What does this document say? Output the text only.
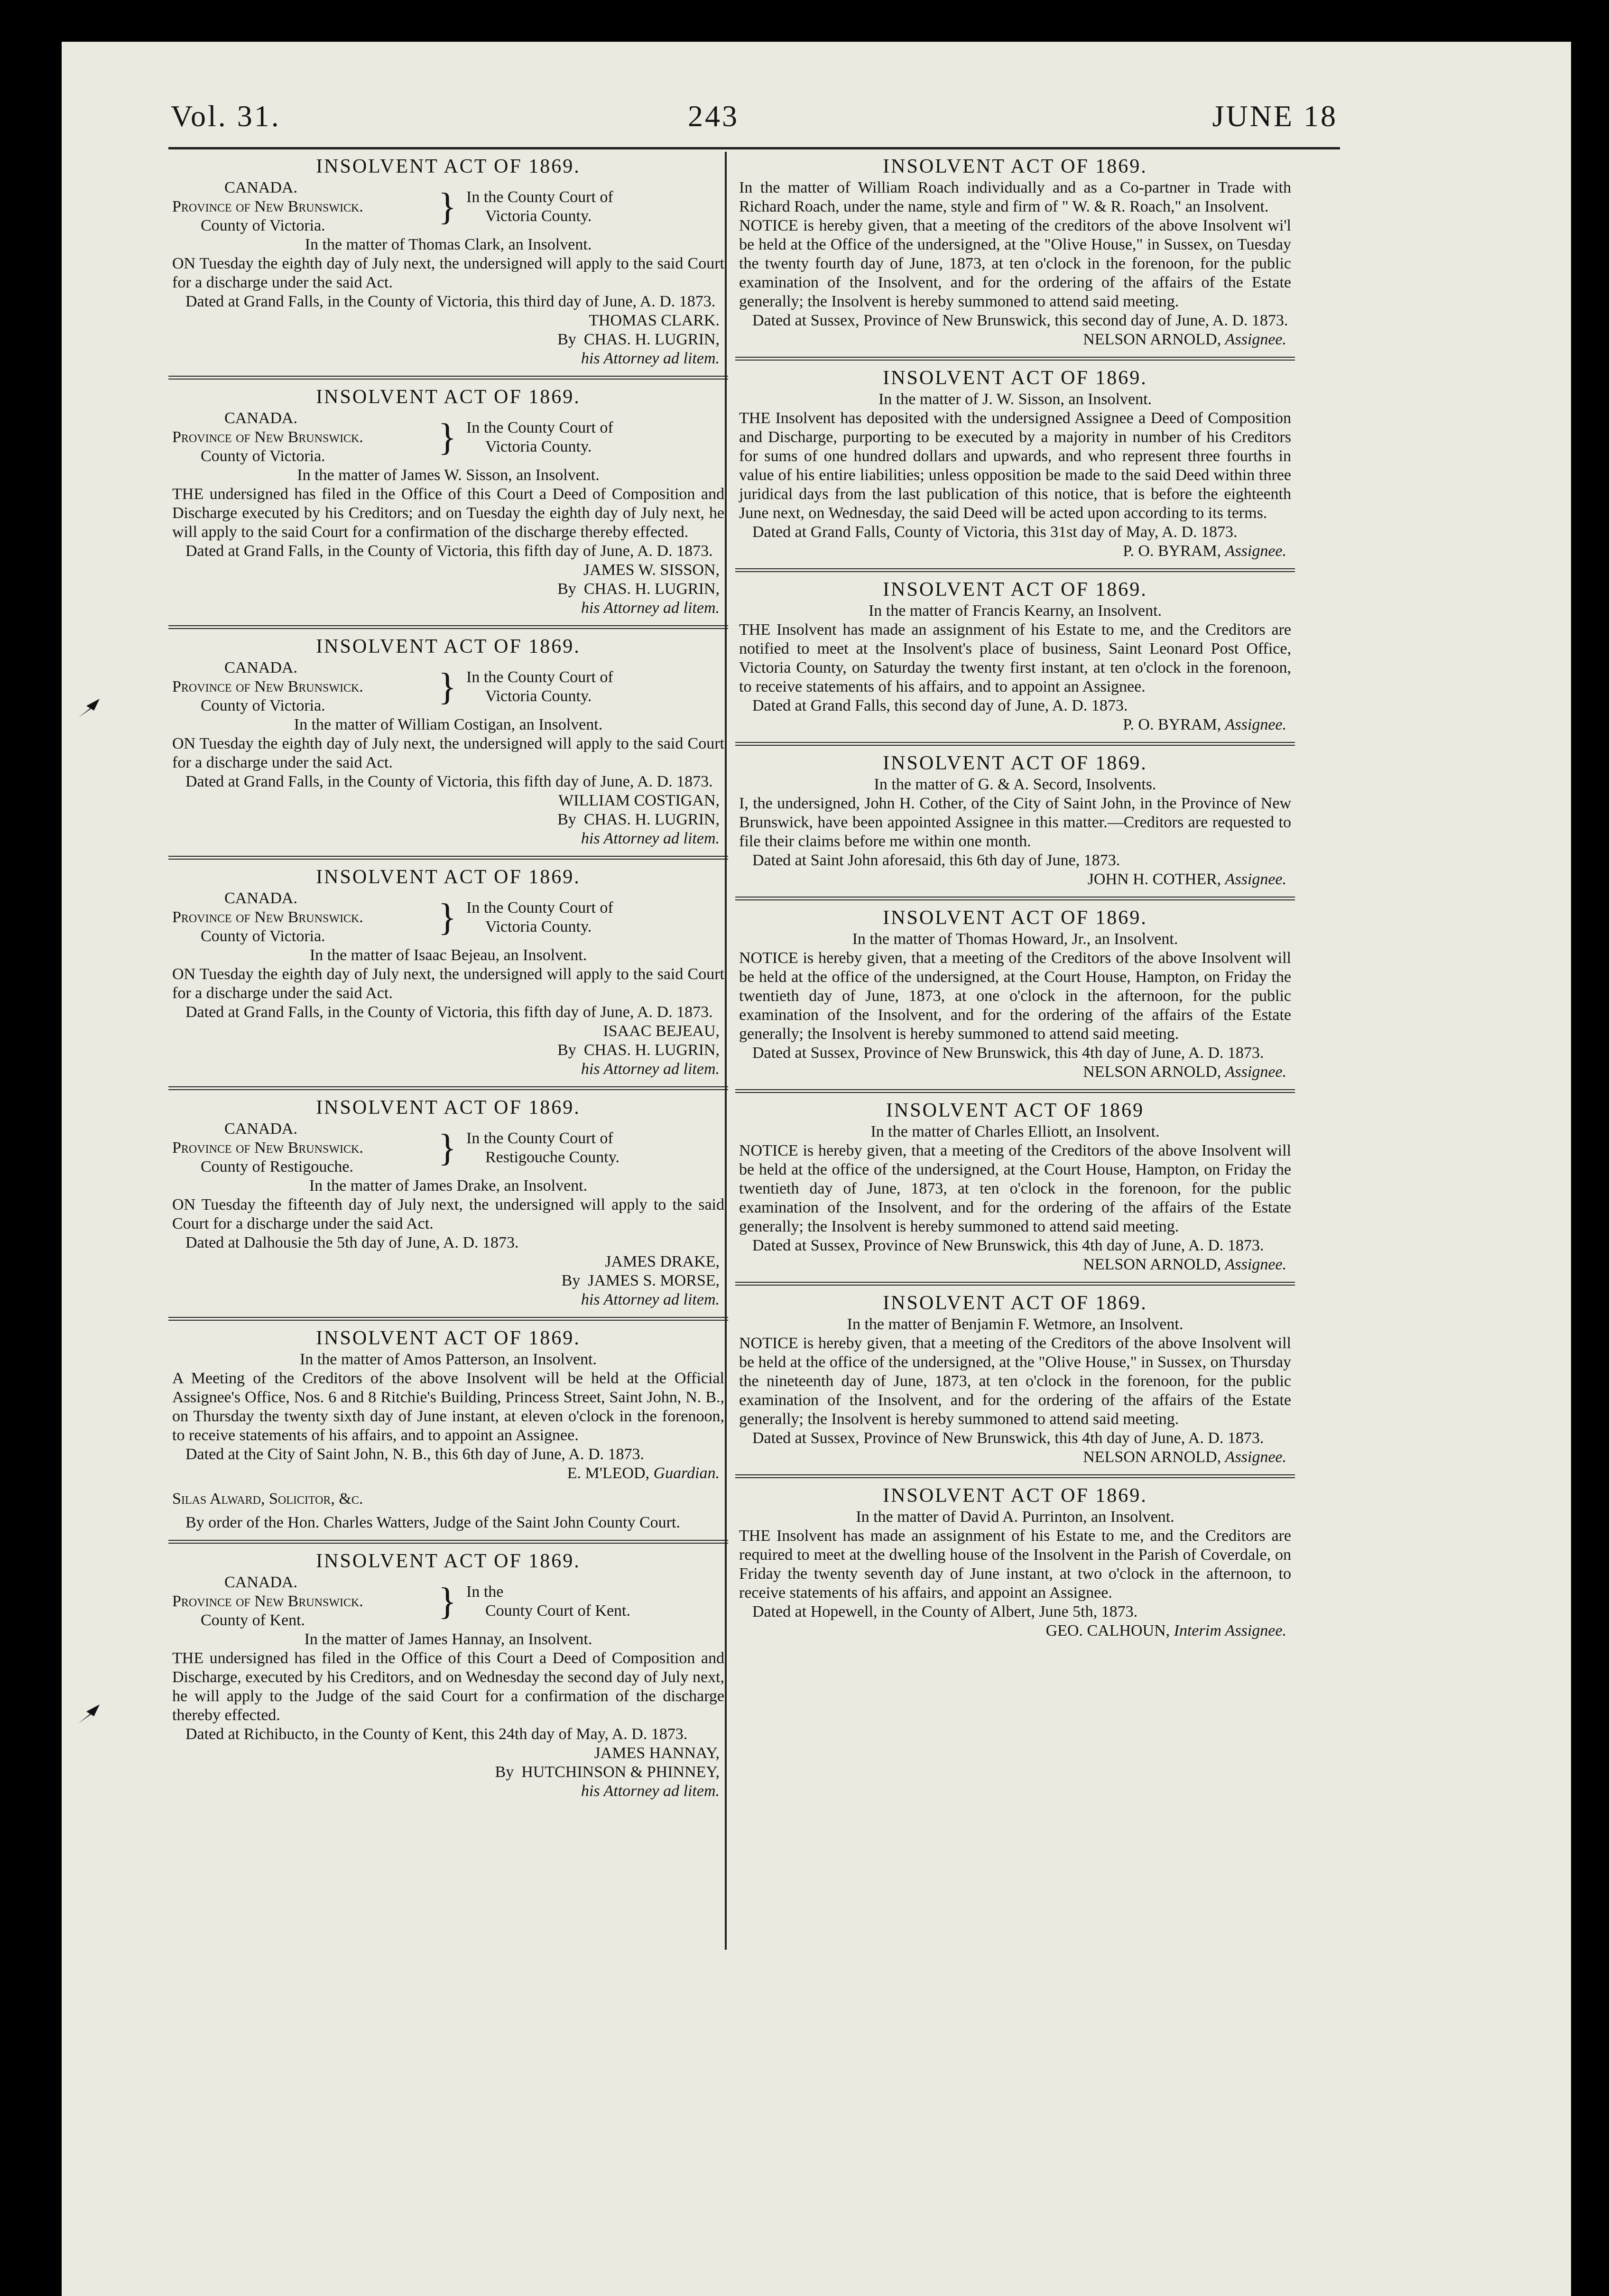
Vol. 31.	243	JUNE 18
INSOLVENT ACT OF 1869.
CANADA.
Province of New Brunswick.
County of Victoria.	} In the County Court of
Victoria County.
In the matter of Thomas Clark, an Insolvent.
ON Tuesday the eighth day of July next, the undersigned will apply to the said Court for a discharge under the said Act.
Dated at Grand Falls, in the County of Victoria, this third day of June, A. D. 1873.
THOMAS CLARK.
By CHAS. H. LUGRIN,
his Attorney ad litem.
INSOLVENT ACT OF 1869.
CANADA.
Province of New Brunswick.
County of Victoria.	} In the County Court of
Victoria County.
In the matter of James W. Sisson, an Insolvent.
THE undersigned has filed in the Office of this Court a Deed of Composition and Discharge executed by his Creditors; and on Tuesday the eighth day of July next, he will apply to the said Court for a confirmation of the discharge thereby effected.
Dated at Grand Falls, in the County of Victoria, this fifth day of June, A. D. 1873.
JAMES W. SISSON,
By CHAS. H. LUGRIN,
his Attorney ad litem.
INSOLVENT ACT OF 1869.
CANADA.
Province of New Brunswick.
County of Victoria.	} In the County Court of
Victoria County.
In the matter of William Costigan, an Insolvent.
ON Tuesday the eighth day of July next, the undersigned will apply to the said Court for a discharge under the said Act.
Dated at Grand Falls, in the County of Victoria, this fifth day of June, A. D. 1873.
WILLIAM COSTIGAN,
By CHAS. H. LUGRIN,
his Attorney ad litem.
INSOLVENT ACT OF 1869.
CANADA.
Province of New Brunswick.
County of Victoria.	} In the County Court of
Victoria County.
In the matter of Isaac Bejeau, an Insolvent.
ON Tuesday the eighth day of July next, the undersigned will apply to the said Court for a discharge under the said Act.
Dated at Grand Falls, in the County of Victoria, this fifth day of June, A. D. 1873.
ISAAC BEJEAU,
By CHAS. H. LUGRIN,
his Attorney ad litem.
INSOLVENT ACT OF 1869.
CANADA.
Province of New Brunswick.
County of Restigouche.	} In the County Court of
Restigouche County.
In the matter of James Drake, an Insolvent.
ON Tuesday the fifteenth day of July next, the undersigned will apply to the said Court for a discharge under the said Act.
Dated at Dalhousie the 5th day of June, A. D. 1873.
JAMES DRAKE,
By JAMES S. MORSE,
his Attorney ad litem.
INSOLVENT ACT OF 1869.
In the matter of Amos Patterson, an Insolvent.
A Meeting of the Creditors of the above Insolvent will be held at the Official Assignee's Office, Nos. 6 and 8 Ritchie's Building, Princess Street, Saint John, N. B., on Thursday the twenty sixth day of June instant, at eleven o'clock in the forenoon, to receive statements of his affairs, and to appoint an Assignee.
Dated at the City of Saint John, N. B., this 6th day of June, A. D. 1873.
E. M'LEOD, Guardian.
Silas Alward, Solicitor, &c.
By order of the Hon. Charles Watters, Judge of the Saint John County Court.
INSOLVENT ACT OF 1869.
CANADA.
Province of New Brunswick.
County of Kent.	} In the
County Court of Kent.
In the matter of James Hannay, an Insolvent.
THE undersigned has filed in the Office of this Court a Deed of Composition and Discharge, executed by his Creditors, and on Wednesday the second day of July next, he will apply to the Judge of the said Court for a confirmation of the discharge thereby effected.
Dated at Richibucto, in the County of Kent, this 24th day of May, A. D. 1873.
JAMES HANNAY,
By HUTCHINSON & PHINNEY,
his Attorney ad litem.
INSOLVENT ACT OF 1869.
In the matter of William Roach individually and as a Co-partner in Trade with Richard Roach, under the name, style and firm of " W. & R. Roach," an Insolvent.
NOTICE is hereby given, that a meeting of the creditors of the above Insolvent wi'l be held at the Office of the undersigned, at the "Olive House," in Sussex, on Tuesday the twenty fourth day of June, 1873, at ten o'clock in the forenoon, for the public examination of the Insolvent, and for the ordering of the affairs of the Estate generally; the Insolvent is hereby summoned to attend said meeting.
Dated at Sussex, Province of New Brunswick, this second day of June, A. D. 1873.
NELSON ARNOLD, Assignee.
INSOLVENT ACT OF 1869.
In the matter of J. W. Sisson, an Insolvent.
THE Insolvent has deposited with the undersigned Assignee a Deed of Composition and Discharge, purporting to be executed by a majority in number of his Creditors for sums of one hundred dollars and upwards, and who represent three fourths in value of his entire liabilities; unless opposition be made to the said Deed within three juridical days from the last publication of this notice, that is before the eighteenth June next, on Wednesday, the said Deed will be acted upon according to its terms.
Dated at Grand Falls, County of Victoria, this 31st day of May, A. D. 1873.
P. O. BYRAM, Assignee.
INSOLVENT ACT OF 1869.
In the matter of Francis Kearny, an Insolvent.
THE Insolvent has made an assignment of his Estate to me, and the Creditors are notified to meet at the Insolvent's place of business, Saint Leonard Post Office, Victoria County, on Saturday the twenty first instant, at ten o'clock in the forenoon, to receive statements of his affairs, and to appoint an Assignee.
Dated at Grand Falls, this second day of June, A. D. 1873.
P. O. BYRAM, Assignee.
INSOLVENT ACT OF 1869.
In the matter of G. & A. Secord, Insolvents.
I, the undersigned, John H. Cother, of the City of Saint John, in the Province of New Brunswick, have been appointed Assignee in this matter.—Creditors are requested to file their claims before me within one month.
Dated at Saint John aforesaid, this 6th day of June, 1873.
JOHN H. COTHER, Assignee.
INSOLVENT ACT OF 1869.
In the matter of Thomas Howard, Jr., an Insolvent.
NOTICE is hereby given, that a meeting of the Creditors of the above Insolvent will be held at the office of the undersigned, at the Court House, Hampton, on Friday the twentieth day of June, 1873, at one o'clock in the afternoon, for the public examination of the Insolvent, and for the ordering of the affairs of the Estate generally; the Insolvent is hereby summoned to attend said meeting.
Dated at Sussex, Province of New Brunswick, this 4th day of June, A. D. 1873.
NELSON ARNOLD, Assignee.
INSOLVENT ACT OF 1869
In the matter of Charles Elliott, an Insolvent.
NOTICE is hereby given, that a meeting of the Creditors of the above Insolvent will be held at the office of the undersigned, at the Court House, Hampton, on Friday the twentieth day of June, 1873, at ten o'clock in the forenoon, for the public examination of the Insolvent, and for the ordering of the affairs of the Estate generally; the Insolvent is hereby summoned to attend said meeting.
Dated at Sussex, Province of New Brunswick, this 4th day of June, A. D. 1873.
NELSON ARNOLD, Assignee.
INSOLVENT ACT OF 1869.
In the matter of Benjamin F. Wetmore, an Insolvent.
NOTICE is hereby given, that a meeting of the Creditors of the above Insolvent will be held at the office of the undersigned, at the "Olive House," in Sussex, on Thursday the nineteenth day of June, 1873, at ten o'clock in the forenoon, for the public examination of the Insolvent, and for the ordering of the affairs of the Estate generally; the Insolvent is hereby summoned to attend said meeting.
Dated at Sussex, Province of New Brunswick, this 4th day of June, A. D. 1873.
NELSON ARNOLD, Assignee.
INSOLVENT ACT OF 1869.
In the matter of David A. Purrinton, an Insolvent.
THE Insolvent has made an assignment of his Estate to me, and the Creditors are required to meet at the dwelling house of the Insolvent in the Parish of Coverdale, on Friday the twenty seventh day of June instant, at two o'clock in the afternoon, to receive statements of his affairs, and appoint an Assignee.
Dated at Hopewell, in the County of Albert, June 5th, 1873.
GEO. CALHOUN, Interim Assignee.
